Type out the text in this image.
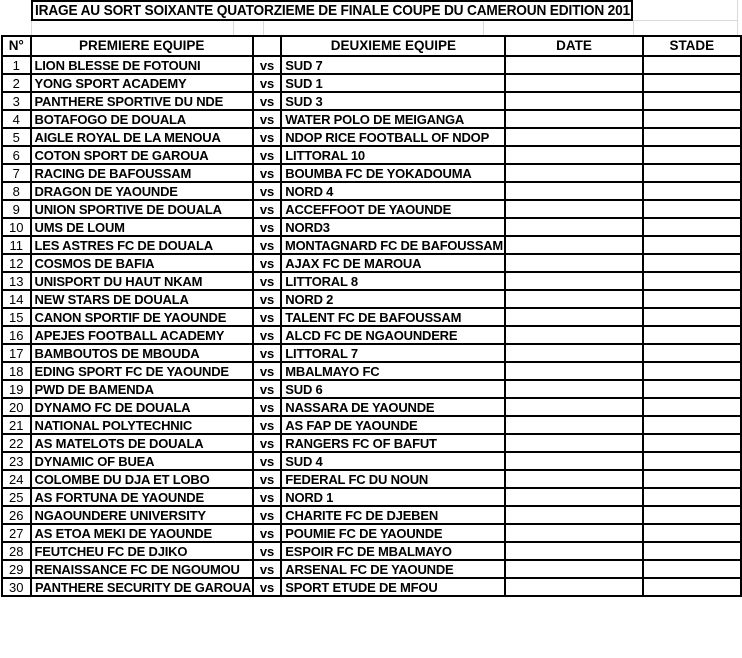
IRAGE AU SORT SOIXANTE QUATORZIEME DE FINALE COUPE DU CAMEROUN EDITION 201
N°	PREMIERE EQUIPE		DEUXIEME EQUIPE	DATE	STADE
1	LION BLESSE DE FOTOUNI	vs	SUD 7		
2	YONG SPORT ACADEMY	vs	SUD 1		
3	PANTHERE SPORTIVE DU NDE	vs	SUD 3		
4	BOTAFOGO DE DOUALA	vs	WATER POLO DE MEIGANGA		
5	AIGLE ROYAL DE LA MENOUA	vs	NDOP RICE FOOTBALL OF NDOP		
6	COTON SPORT DE GAROUA	vs	LITTORAL 10		
7	RACING DE BAFOUSSAM	vs	BOUMBA FC DE YOKADOUMA		
8	DRAGON DE YAOUNDE	vs	NORD 4		
9	UNION SPORTIVE DE DOUALA	vs	ACCEFFOOT DE YAOUNDE		
10	UMS DE LOUM	vs	NORD3		
11	LES ASTRES FC DE DOUALA	vs	MONTAGNARD FC DE BAFOUSSAM		
12	COSMOS DE BAFIA	vs	AJAX FC DE MAROUA		
13	UNISPORT DU HAUT NKAM	vs	LITTORAL 8		
14	NEW STARS DE DOUALA	vs	NORD 2		
15	CANON SPORTIF DE YAOUNDE	vs	TALENT FC DE BAFOUSSAM		
16	APEJES FOOTBALL ACADEMY	vs	ALCD FC DE NGAOUNDERE		
17	BAMBOUTOS DE MBOUDA	vs	LITTORAL 7		
18	EDING SPORT FC DE YAOUNDE	vs	MBALMAYO FC		
19	PWD DE BAMENDA	vs	SUD 6		
20	DYNAMO FC DE DOUALA	vs	NASSARA DE YAOUNDE		
21	NATIONAL POLYTECHNIC	vs	AS FAP DE YAOUNDE		
22	AS MATELOTS DE DOUALA	vs	RANGERS FC OF BAFUT		
23	DYNAMIC OF BUEA	vs	SUD 4		
24	COLOMBE DU DJA ET LOBO	vs	FEDERAL FC DU NOUN		
25	AS FORTUNA DE YAOUNDE	vs	NORD 1		
26	NGAOUNDERE UNIVERSITY	vs	CHARITE FC DE DJEBEN		
27	AS ETOA MEKI DE YAOUNDE	vs	POUMIE FC DE YAOUNDE		
28	FEUTCHEU FC DE DJIKO	vs	ESPOIR FC DE MBALMAYO		
29	RENAISSANCE FC DE NGOUMOU	vs	ARSENAL FC DE YAOUNDE		
30	PANTHERE SECURITY DE GAROUA	vs	SPORT ETUDE DE MFOU		
